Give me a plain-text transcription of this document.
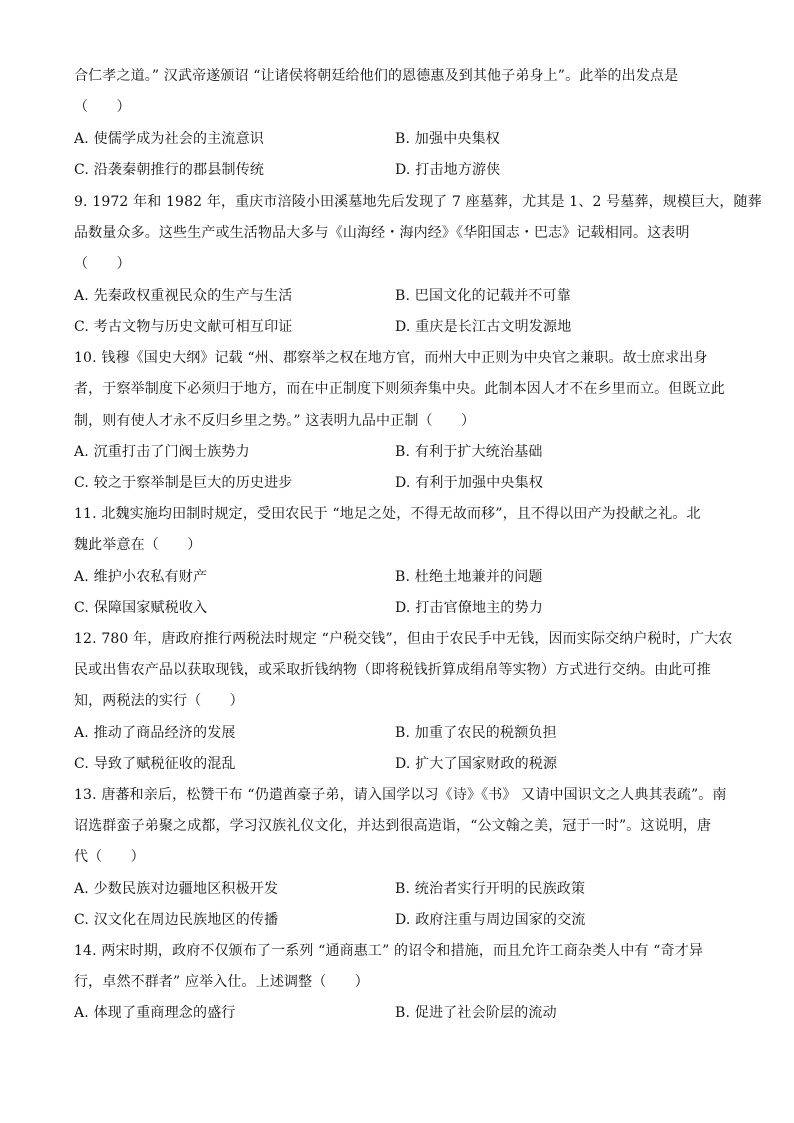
合仁孝之道。” 汉武帝遂颁诏 “让诸侯将朝廷给他们的恩德惠及到其他子弟身上”。此举的出发点是
（　　）
A. 使儒学成为社会的主流意识	B. 加强中央集权
C. 沿袭秦朝推行的郡县制传统	D. 打击地方游侠
9. 1972 年和 1982 年，重庆市涪陵小田溪墓地先后发现了 7 座墓葬，尤其是 1、2 号墓葬，规模巨大，随葬
品数量众多。这些生产或生活物品大多与《山海经・海内经》《华阳国志・巴志》记载相同。这表明
（　　）
A. 先秦政权重视民众的生产与生活	B. 巴国文化的记载并不可靠
C. 考古文物与历史文献可相互印证	D. 重庆是长江古文明发源地
10. 钱穆《国史大纲》记载 “州、郡察举之权在地方官，而州大中正则为中央官之兼职。故士庶求出身
者，于察举制度下必须归于地方，而在中正制度下则须奔集中央。此制本因人才不在乡里而立。但既立此
制，则有使人才永不反归乡里之势。” 这表明九品中正制（　　）
A. 沉重打击了门阀士族势力	B. 有利于扩大统治基础
C. 较之于察举制是巨大的历史进步	D. 有利于加强中央集权
11. 北魏实施均田制时规定，受田农民于 “地足之处，不得无故而移”，且不得以田产为投献之礼。北
魏此举意在（　　）
A. 维护小农私有财产	B. 杜绝土地兼并的问题
C. 保障国家赋税收入	D. 打击官僚地主的势力
12. 780 年，唐政府推行两税法时规定 “户税交钱”，但由于农民手中无钱，因而实际交纳户税时，广大农
民或出售农产品以获取现钱，或采取折钱纳物（即将税钱折算成绢帛等实物）方式进行交纳。由此可推
知，两税法的实行（　　）
A. 推动了商品经济的发展	B. 加重了农民的税额负担
C. 导致了赋税征收的混乱	D. 扩大了国家财政的税源
13. 唐蕃和亲后，松赞干布 “仍遣酋豪子弟，请入国学以习《诗》《书》 又请中国识文之人典其表疏”。南
诏选群蛮子弟聚之成都，学习汉族礼仪文化，并达到很高造诣，“公文翰之美，冠于一时”。这说明，唐
代（　　）
A. 少数民族对边疆地区积极开发	B. 统治者实行开明的民族政策
C. 汉文化在周边民族地区的传播	D. 政府注重与周边国家的交流
14. 两宋时期，政府不仅颁布了一系列 “通商惠工” 的诏令和措施，而且允许工商杂类人中有 “奇才异
行，卓然不群者” 应举入仕。上述调整（　　）
A. 体现了重商理念的盛行	B. 促进了社会阶层的流动
